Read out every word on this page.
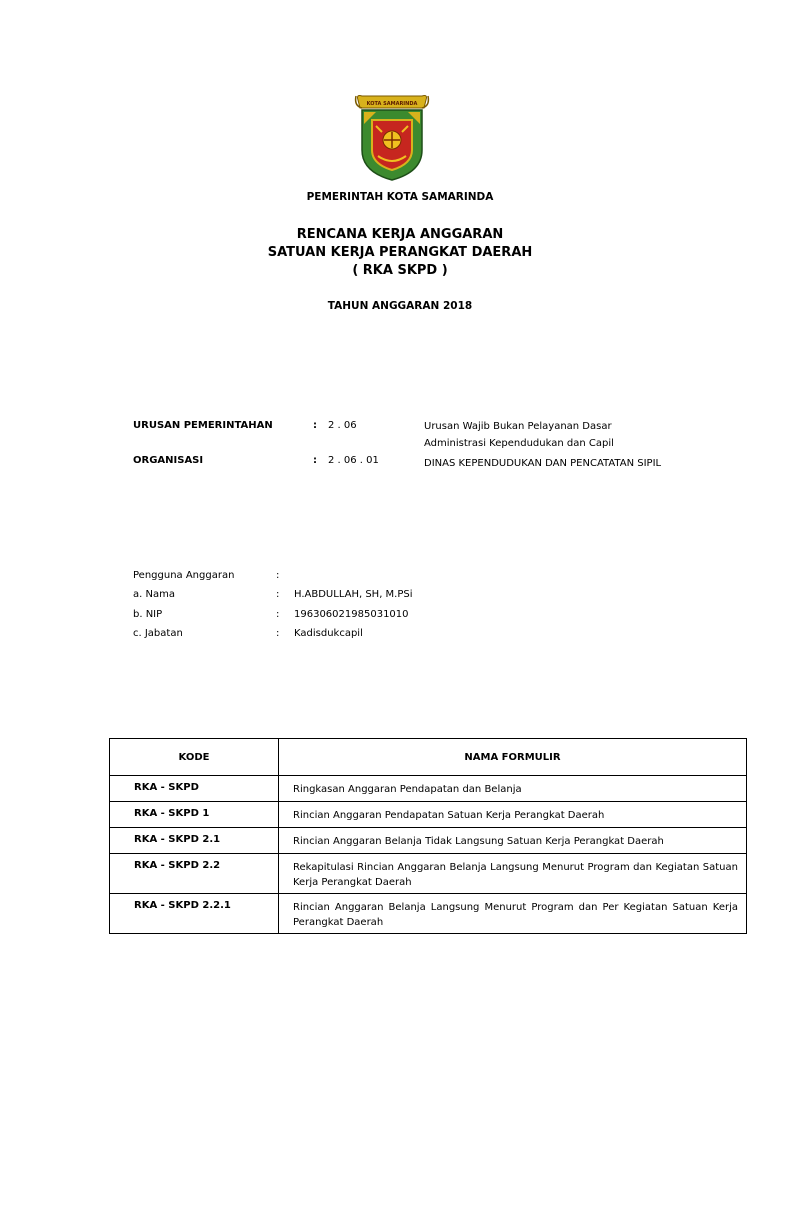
KOTA SAMARINDA

PEMERINTAH KOTA SAMARINDA

RENCANA KERJA ANGGARAN

SATUAN KERJA PERANGKAT DAERAH

( RKA SKPD )

TAHUN ANGGARAN 2018

URUSAN PEMERINTAHAN	: 2 . 06	Urusan Wajib Bukan Pelayanan Dasar Administrasi Kependudukan dan Capil
ORGANISASI	: 2 . 06 . 01	DINAS KEPENDUDUKAN DAN PENCATATAN SIPIL
Pengguna Anggaran	:
a. Nama	: H.ABDULLAH, SH, M.PSi
b. NIP	: 196306021985031010
c. Jabatan	: Kadisdukcapil
KODE	NAMA FORMULIR
RKA - SKPD	Ringkasan Anggaran Pendapatan dan Belanja
RKA - SKPD 1	Rincian Anggaran Pendapatan Satuan Kerja Perangkat Daerah
RKA - SKPD 2.1	Rincian Anggaran Belanja Tidak Langsung Satuan Kerja Perangkat Daerah
RKA - SKPD 2.2	Rekapitulasi Rincian Anggaran Belanja Langsung Menurut Program dan Kegiatan Satuan Kerja Perangkat Daerah
RKA - SKPD 2.2.1	Rincian Anggaran Belanja Langsung Menurut Program dan Per Kegiatan Satuan Kerja Perangkat Daerah
